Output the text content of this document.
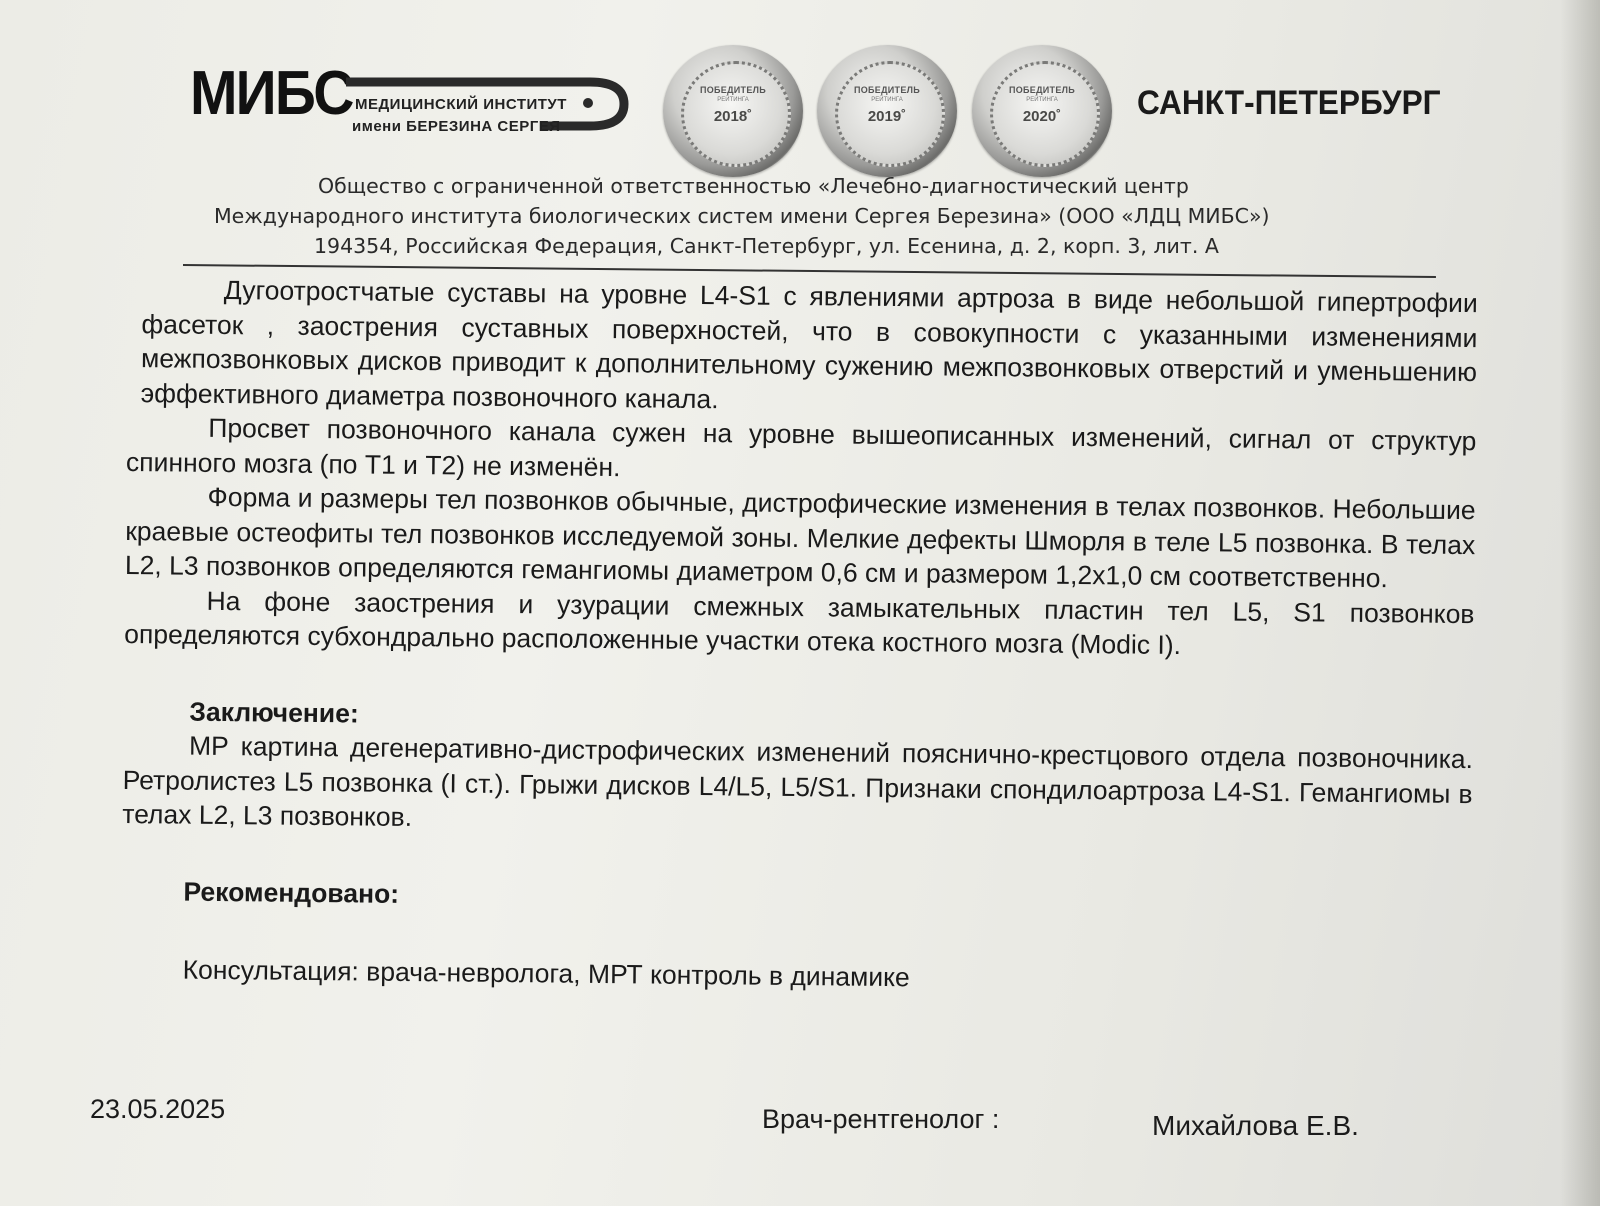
МИБС МЕДИЦИНСКИЙ ИНСТИТУТ
имени БЕРЕЗИНА СЕРГЕЯ
ПОБЕДИТЕЛЬ
РЕЙТИНГА
2018˚
ПОБЕДИТЕЛЬ
РЕЙТИНГА
2019˚
ПОБЕДИТЕЛЬ
РЕЙТИНГА
2020˚	САНКТ-ПЕТЕРБУРГ
Общество с ограниченной ответственностью «Лечебно-диагностический центр
Международного института биологических систем имени Сергея Березина» (ООО «ЛДЦ МИБС»)
194354, Российская Федерация, Санкт-Петербург, ул. Есенина, д. 2, корп. 3, лит. А

Дугоотростчатые суставы на уровне L4-S1 с явлениями артроза в виде небольшой гипертрофии фасеток , заострения суставных поверхностей, что в совокупности с указанными изменениями межпозвонковых дисков приводит к дополнительному сужению межпозвонковых отверстий и уменьшению эффективного диаметра позвоночного канала.

Просвет позвоночного канала сужен на уровне вышеописанных изменений, сигнал от структур спинного мозга (по T1 и T2) не изменён.

Форма и размеры тел позвонков обычные, дистрофические изменения в телах позвонков. Небольшие краевые остеофиты тел позвонков исследуемой зоны. Мелкие дефекты Шморля в теле L5 позвонка. В телах L2, L3 позвонков определяются гемангиомы диаметром 0,6 см и размером 1,2х1,0 см соответственно.

На фоне заострения и узурации смежных замыкательных пластин тел L5, S1 позвонков определяются субхондрально расположенные участки отека костного мозга (Modic I).

Заключение:

МР картина дегенеративно-дистрофических изменений пояснично-крестцового отдела позвоночника. Ретролистез L5 позвонка (I ст.). Грыжи дисков L4/L5, L5/S1. Признаки спондилоартроза L4-S1. Гемангиомы в телах L2, L3 позвонков.

Рекомендовано:
Консультация: врача-невролога, МРТ контроль в динамике
23.05.2025	Врач-рентгенолог :	Михайлова Е.В.
